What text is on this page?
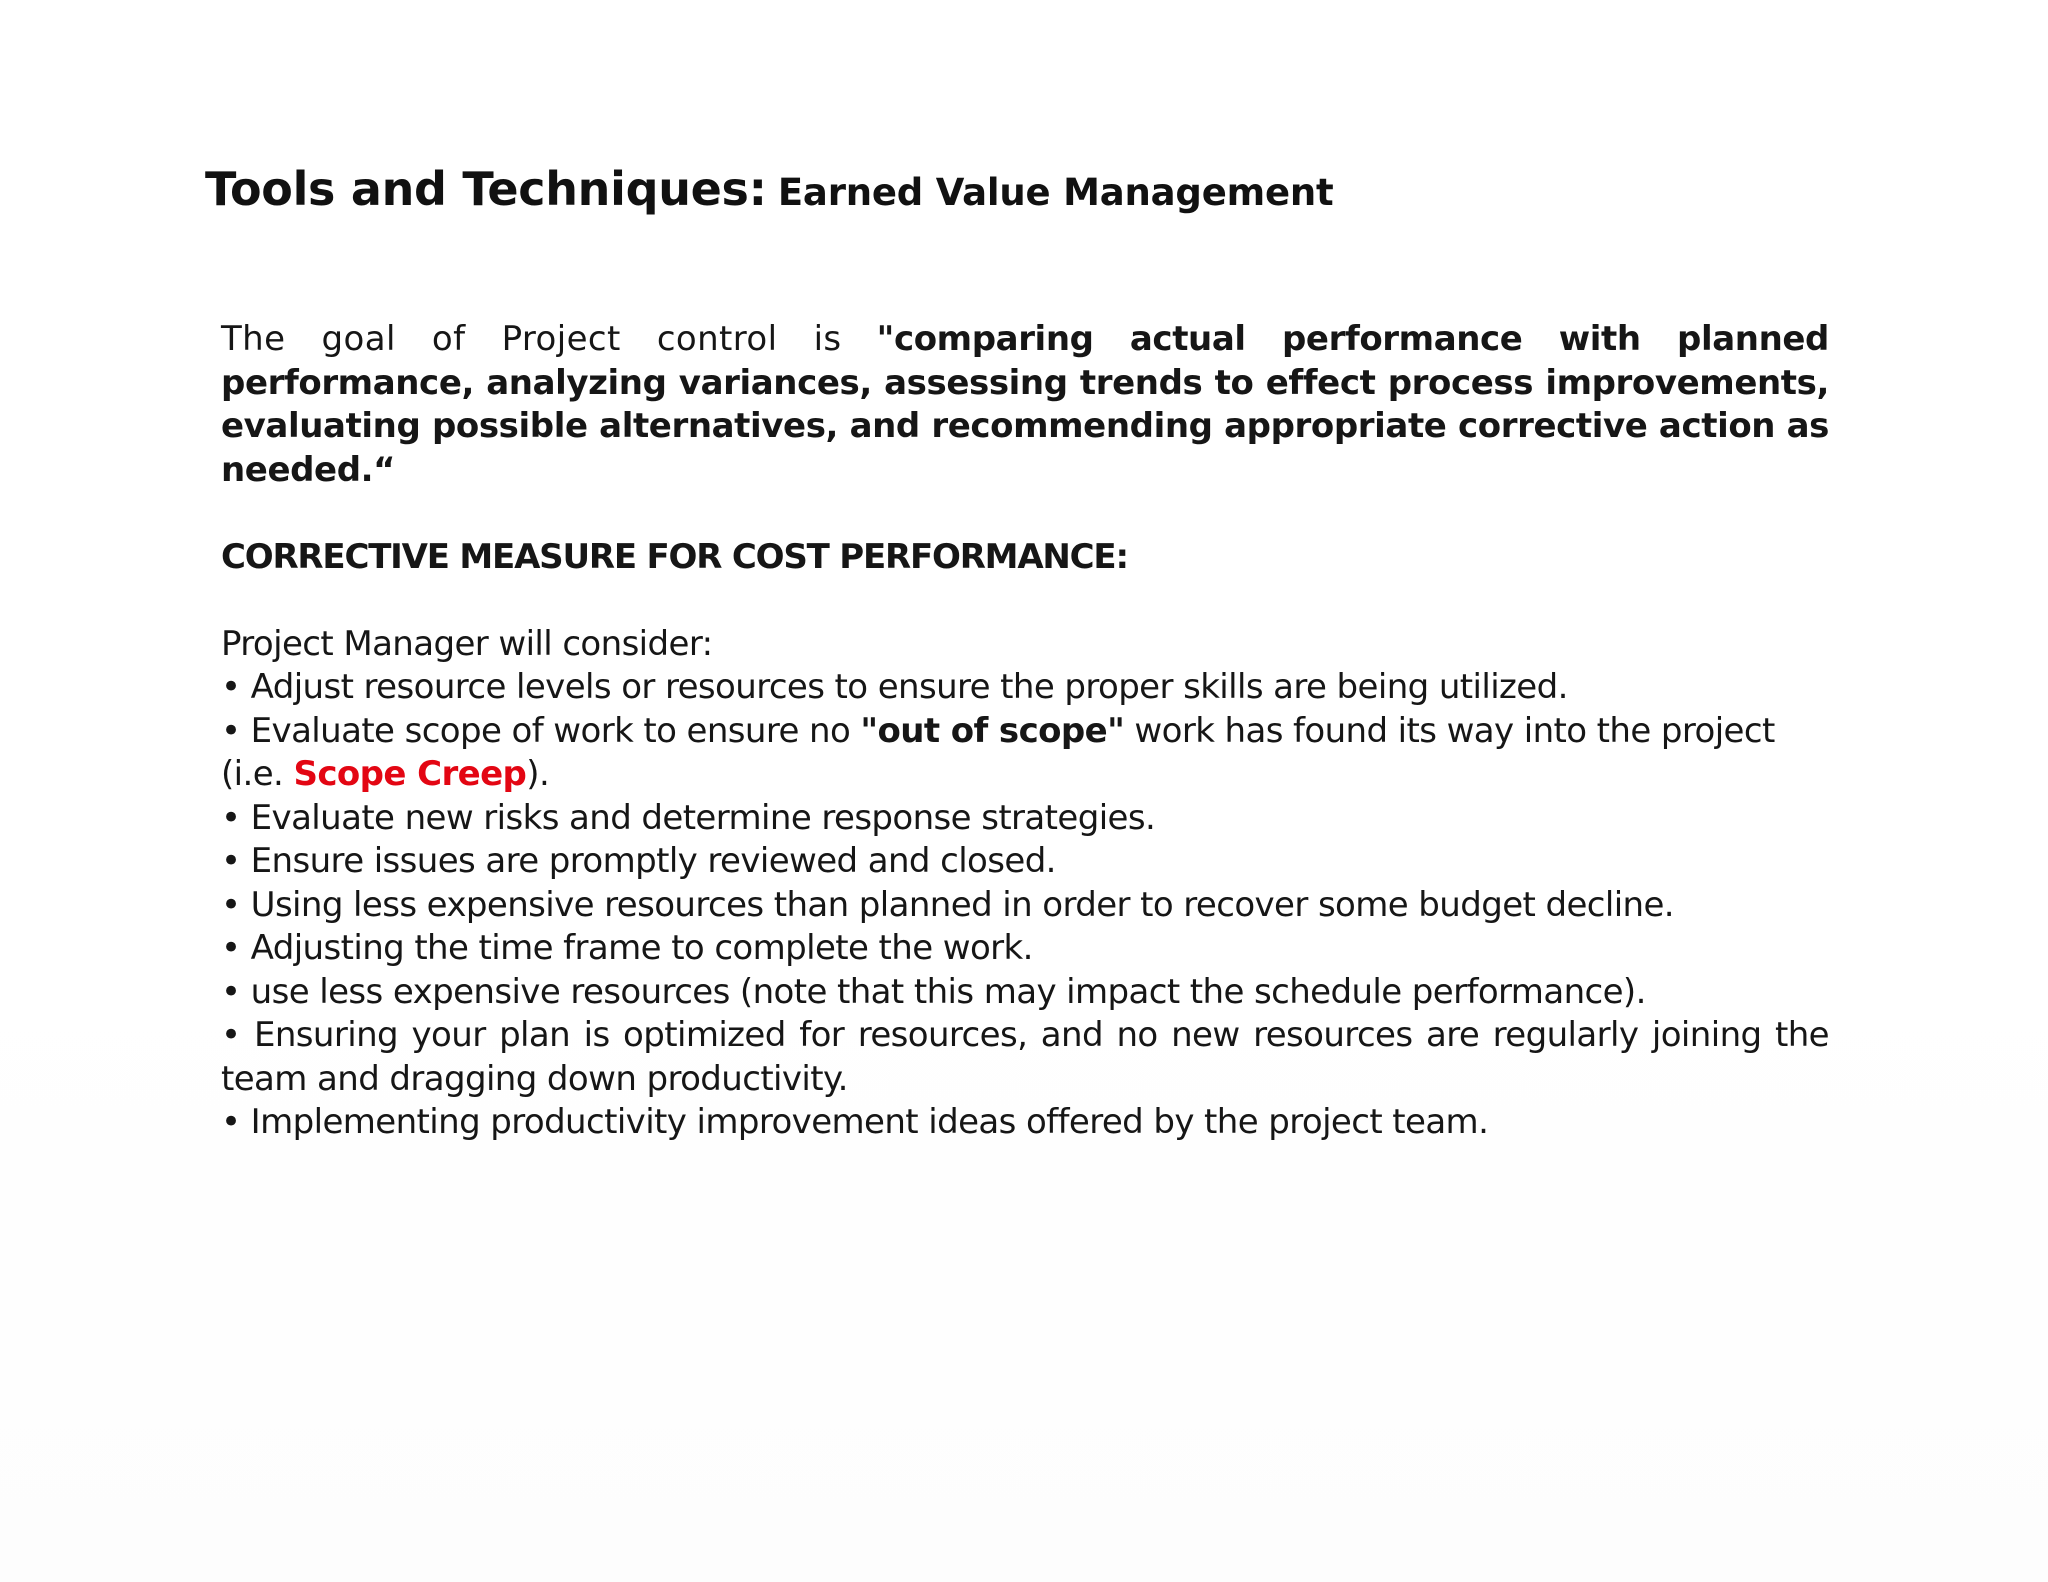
Tools and Techniques: Earned Value Management

The goal of Project control is "comparing actual performance with planned performance, analyzing variances, assessing trends to effect process improvements, evaluating possible alternatives, and recommending appropriate corrective action as needed.“

CORRECTIVE MEASURE FOR COST PERFORMANCE:

Project Manager will consider:

• Adjust resource levels or resources to ensure the proper skills are being utilized.

• Evaluate scope of work to ensure no "out of scope" work has found its way into the project
(i.e. Scope Creep).

• Evaluate new risks and determine response strategies.

• Ensure issues are promptly reviewed and closed.

• Using less expensive resources than planned in order to recover some budget decline.

• Adjusting the time frame to complete the work.

• use less expensive resources (note that this may impact the schedule performance).

• Ensuring your plan is optimized for resources, and no new resources are regularly joining the team and dragging down productivity.

• Implementing productivity improvement ideas offered by the project team.
